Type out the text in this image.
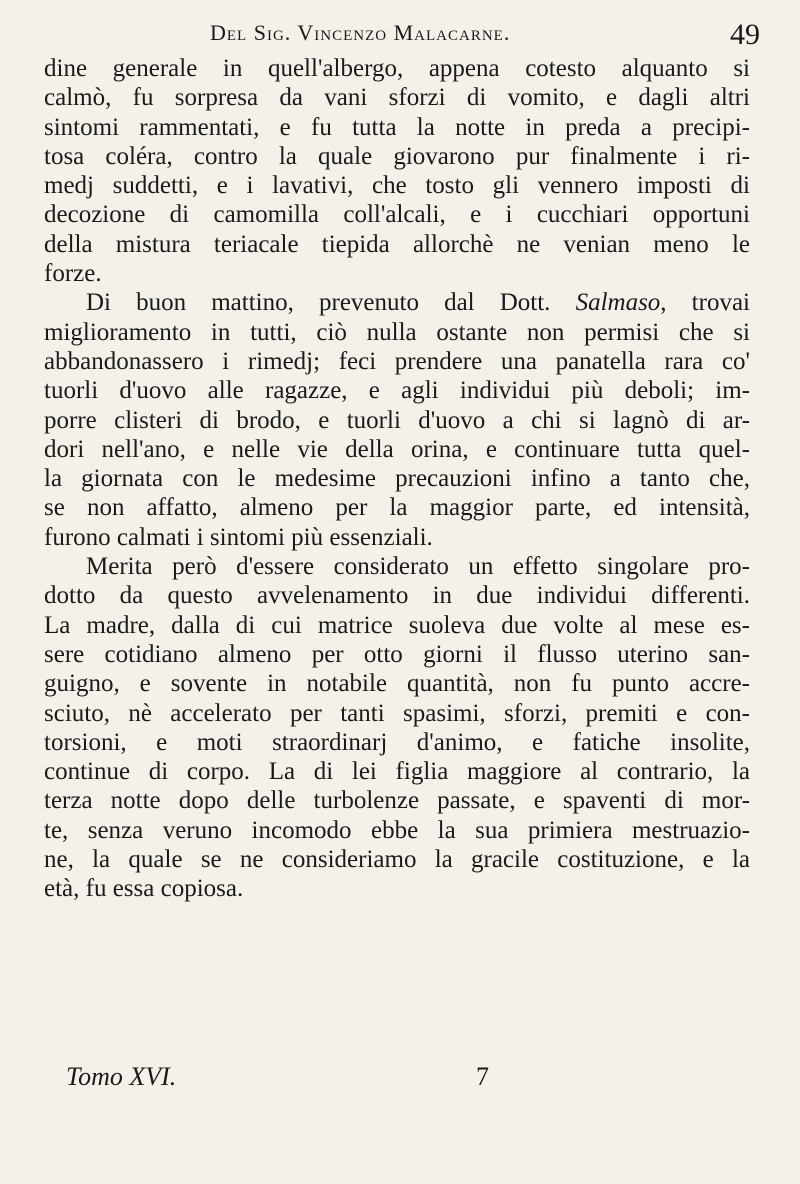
Del Sig. Vincenzo Malacarne.	49
dine generale in quell'albergo, appena cotesto alquanto si
calmò, fu sorpresa da vani sforzi di vomito, e dagli altri
sintomi rammentati, e fu tutta la notte in preda a precipi-
tosa coléra, contro la quale giovarono pur finalmente i ri-
medj suddetti, e i lavativi, che tosto gli vennero imposti di
decozione di camomilla coll'alcali, e i cucchiari opportuni
della mistura teriacale tiepida allorchè ne venian meno le
forze.
Di buon mattino, prevenuto dal Dott. Salmaso, trovai
miglioramento in tutti, ciò nulla ostante non permisi che si
abbandonassero i rimedj; feci prendere una panatella rara co'
tuorli d'uovo alle ragazze, e agli individui più deboli; im-
porre clisteri di brodo, e tuorli d'uovo a chi si lagnò di ar-
dori nell'ano, e nelle vie della orina, e continuare tutta quel-
la giornata con le medesime precauzioni infino a tanto che,
se non affatto, almeno per la maggior parte, ed intensità,
furono calmati i sintomi più essenziali.
Merita però d'essere considerato un effetto singolare pro-
dotto da questo avvelenamento in due individui differenti.
La madre, dalla di cui matrice suoleva due volte al mese es-
sere cotidiano almeno per otto giorni il flusso uterino san-
guigno, e sovente in notabile quantità, non fu punto accre-
sciuto, nè accelerato per tanti spasimi, sforzi, premiti e con-
torsioni, e moti straordinarj d'animo, e fatiche insolite,
continue di corpo. La di lei figlia maggiore al contrario, la
terza notte dopo delle turbolenze passate, e spaventi di mor-
te, senza veruno incomodo ebbe la sua primiera mestruazio-
ne, la quale se ne consideriamo la gracile costituzione, e la
età, fu essa copiosa.
Tomo XVI.	7
